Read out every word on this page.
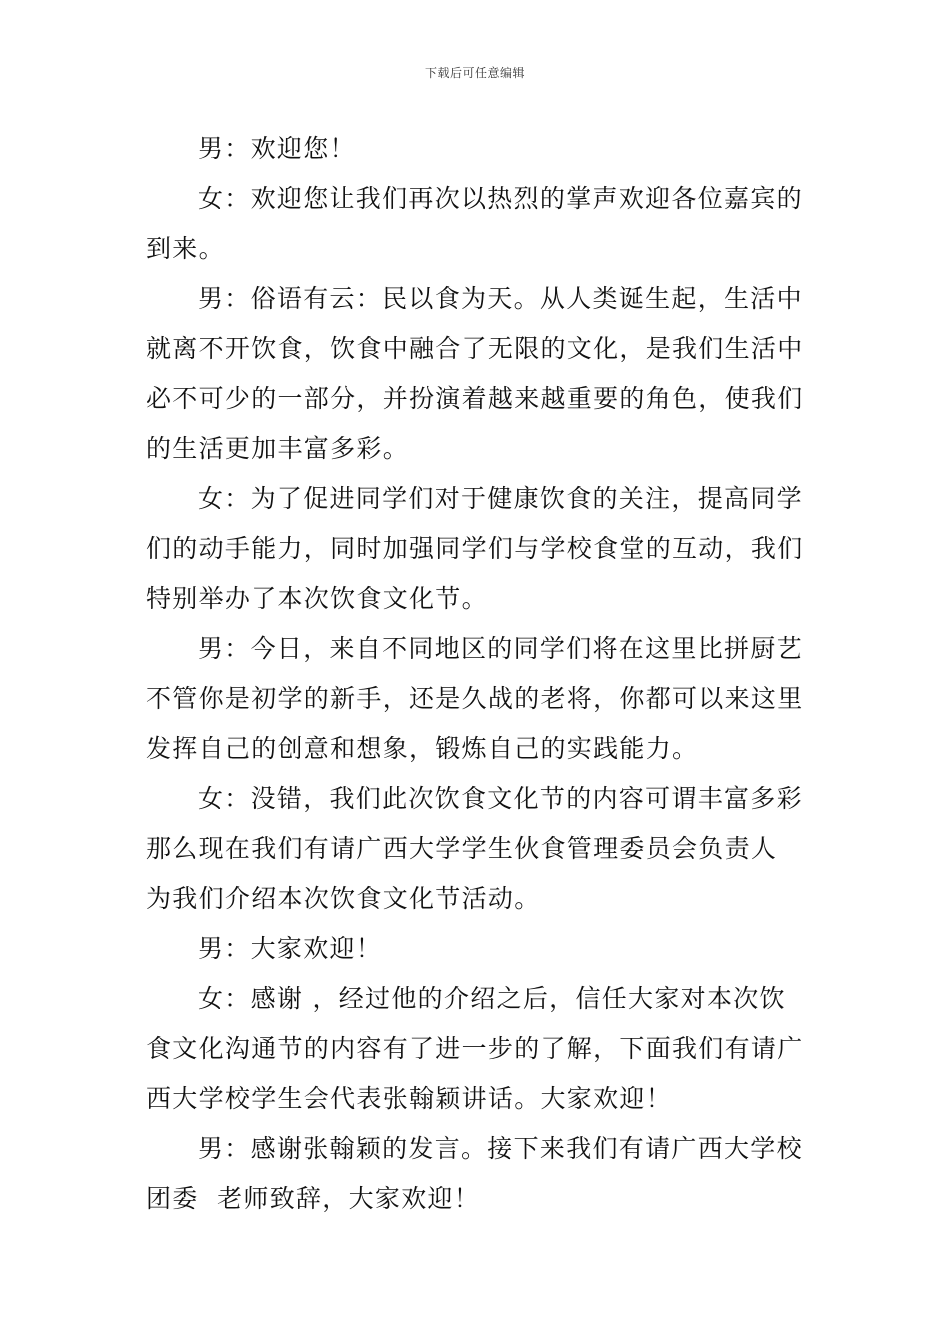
下载后可任意编辑

男：欢迎您！

女：欢迎您让我们再次以热烈的掌声欢迎各位嘉宾的到来。

男：俗语有云：民以食为天。从人类诞生起，生活中就离不开饮食，饮食中融合了无限的文化，是我们生活中必不可少的一部分，并扮演着越来越重要的角色，使我们的生活更加丰富多彩。

女：为了促进同学们对于健康饮食的关注，提高同学们的动手能力，同时加强同学们与学校食堂的互动，我们特别举办了本次饮食文化节。

男：今日，来自不同地区的同学们将在这里比拼厨艺不管你是初学的新手，还是久战的老将，你都可以来这里发挥自己的创意和想象，锻炼自己的实践能力。

女：没错，我们此次饮食文化节的内容可谓丰富多彩那么现在我们有请广西大学学生伙食管理委员会负责人  为我们介绍本次饮食文化节活动。

男：大家欢迎！

女：感谢 ，经过他的介绍之后，信任大家对本次饮食文化沟通节的内容有了进一步的了解，下面我们有请广西大学校学生会代表张翰颖讲话。大家欢迎！

男：感谢张翰颖的发言。接下来我们有请广西大学校团委  老师致辞，大家欢迎！
